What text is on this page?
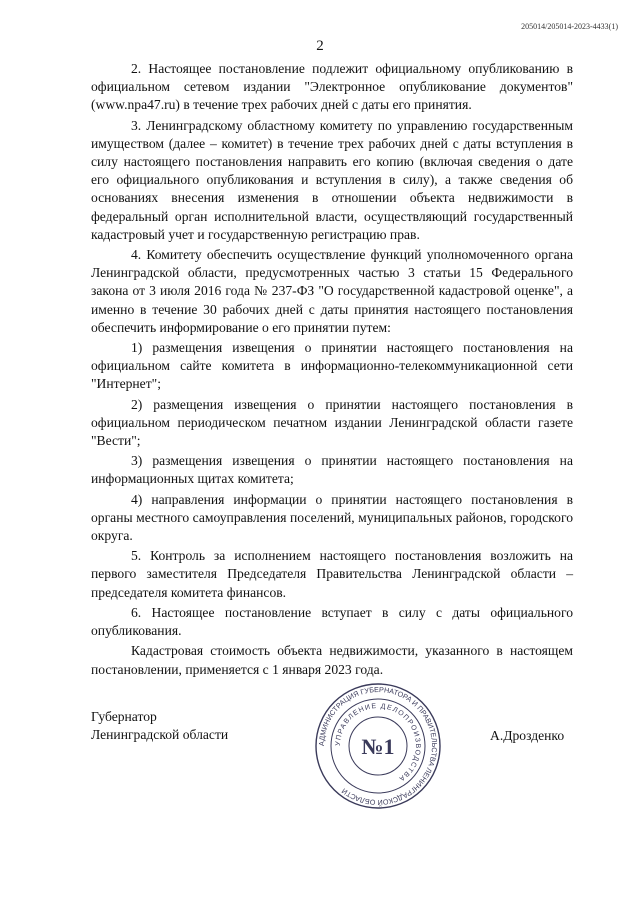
205014/205014-2023-4433(1)
2

2. Настоящее постановление подлежит официальному опубликованию в официальном сетевом издании "Электронное опубликование документов" (www.npa47.ru) в течение трех рабочих дней с даты его принятия.

3. Ленинградскому областному комитету по управлению государственным имуществом (далее – комитет) в течение трех рабочих дней с даты вступления в силу настоящего постановления направить его копию (включая сведения о дате его официального опубликования и вступления в силу), а также сведения об основаниях внесения изменения в отношении объекта недвижимости в федеральный орган исполнительной власти, осуществляющий государственный кадастровый учет и государственную регистрацию прав.

4. Комитету обеспечить осуществление функций уполномоченного органа Ленинградской области, предусмотренных частью 3 статьи 15 Федерального закона от 3 июля 2016 года № 237-ФЗ "О государственной кадастровой оценке", а именно в течение 30 рабочих дней с даты принятия настоящего постановления обеспечить информирование о его принятии путем:

1) размещения извещения о принятии настоящего постановления на официальном сайте комитета в информационно-телекоммуникационной сети "Интернет";

2) размещения извещения о принятии настоящего постановления в официальном периодическом печатном издании Ленинградской области газете "Вести";

3) размещения извещения о принятии настоящего постановления на информационных щитах комитета;

4) направления информации о принятии настоящего постановления в органы местного самоуправления поселений, муниципальных районов, городского округа.

5. Контроль за исполнением настоящего постановления возложить на первого заместителя Председателя Правительства Ленинградской области – председателя комитета финансов.

6. Настоящее постановление вступает в силу с даты официального опубликования.

Кадастровая стоимость объекта недвижимости, указанного в настоящем постановлении, применяется с 1 января 2023 года.

Губернатор
Ленинградской области
АДМИНИСТРАЦИЯ ГУБЕРНАТОРА И ПРАВИТЕЛЬСТВА ЛЕНИНГРАДСКОЙ ОБЛАСТИ
УПРАВЛЕНИЕ ДЕЛОПРОИЗВОДСТВА
№1	А.Дрозденко
